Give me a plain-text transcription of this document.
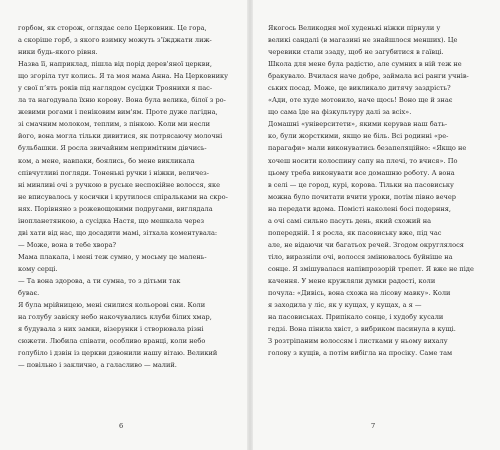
горбом, як сторож, оглядає село Церковник. Це гора,
а скоріше горб, з якого взимку можуть з’їжджати лиж-
ники будь-якого рівня.
Назва її, наприклад, пішла від порід дерев'яної церкви,
що згоріла тут колись. Я та моя мама Анна. На Церковнику
у свої п’ять років під наглядом сусідки Троянихи я пас-
ла та нагодувала їхню корову. Вона була велика, білої з ро-
жевими рогами і пеніковим вим'ям. Проте дуже лагідна,
зі смачним молоком, теплим, з пінкою. Коли ми несли
його, вона могла тільки дивитися, як потрясаючу молочні
бульбашки. Я росла звичайним непримітним дівчись-
ком, а мене, навпаки, боялись, бо мене викликала
співчутливі погляди. Тоненькі ручки і ніжки, величез-
ні минливі очі з ручкою в руське неспокійне волосся, яке
не вписувалось у косички і крутилося спіральками на скро-
нях. Порівняно з рожевощокими подругами, виглядала
інопланетянкою, а сусідка Настя, що мешкала через
дві хати від нас, що досадити мамі, зітхала коментувала:
— Може, вона в тебе хвора?
Мама плакала, і мені теж сумно, у мосьму це малень-
кому серці.
— Та вона здорова, а ти сумна, то з дітьми так
буває.
Я була мрійницею, мені снилися кольорові сни. Коли
на голубу завіску небо накочувались клуби білих хмар,
я будувала з них замки, візерунки і створювала різні
сюжети. Любила співати, особливо вранці, коли небо
голубіло і дзвін із церкви дзвонили нашу вітаю. Великий
— повільно і заклично, а галасливо — малий.
6
Якогось Великодня мої худенькі ніжки пірнули у
великі сандалі (в магазині не знайшлося менших). Це
черевики стали ззаду, щоб не загубитися в гаївці.
Школа для мене була радістю, але сумних в ній теж не
бракувало. Вчилася наче добре, займала всі ранги учнів-
ських посад. Може, це викликало дитячу заздрість?
«Ади, оте худе мотовило, наче щось! Воно ще й знає
що сама їде на фізкультуру далі за всіх».
Домашні «університети», якими керував наш бать-
ко, були жорсткими, якщо не біль. Всі родинні «ре-
парагафи» мали виконуватись безапеляційно: «Якщо не
хочеш носити колоспину сапу на плечі, то вчися». По
цьому треба виконувати все домашню роботу. А вона
в селі — це город, курі, корова. Тільки на пасовиську
можна було почитати вчити уроки, потім півно вечер
на передати вдома. Помісті наколені босі подерння,
а очі самі сильно пасуть день, який схожий на
попередній. І я росла, як пасовиську вже, під час
але, не відаючи чи багатьох речей. Згодом округлялося
тіло, виразніли очі, волосся змінювалось буйніше на
сонце. Я змішувалася напівпрозорій трепет. Я вже не піде
качення. У мене кружляли думки радості, коли
почула: «Дивісь, вона схожа на лісову мавку». Коли
я заходила у ліс, як у кущах, у кущах, а я —
на пасовиськах. Припікало сонце, і худобу кусали
гедзі. Вона пінила хвіст, з вибриком пасинула в кущі.
З розтріпаним волоссям і листками у ньому вихалу
голову з кущів, а потім вибігла на просіку. Саме там
7
